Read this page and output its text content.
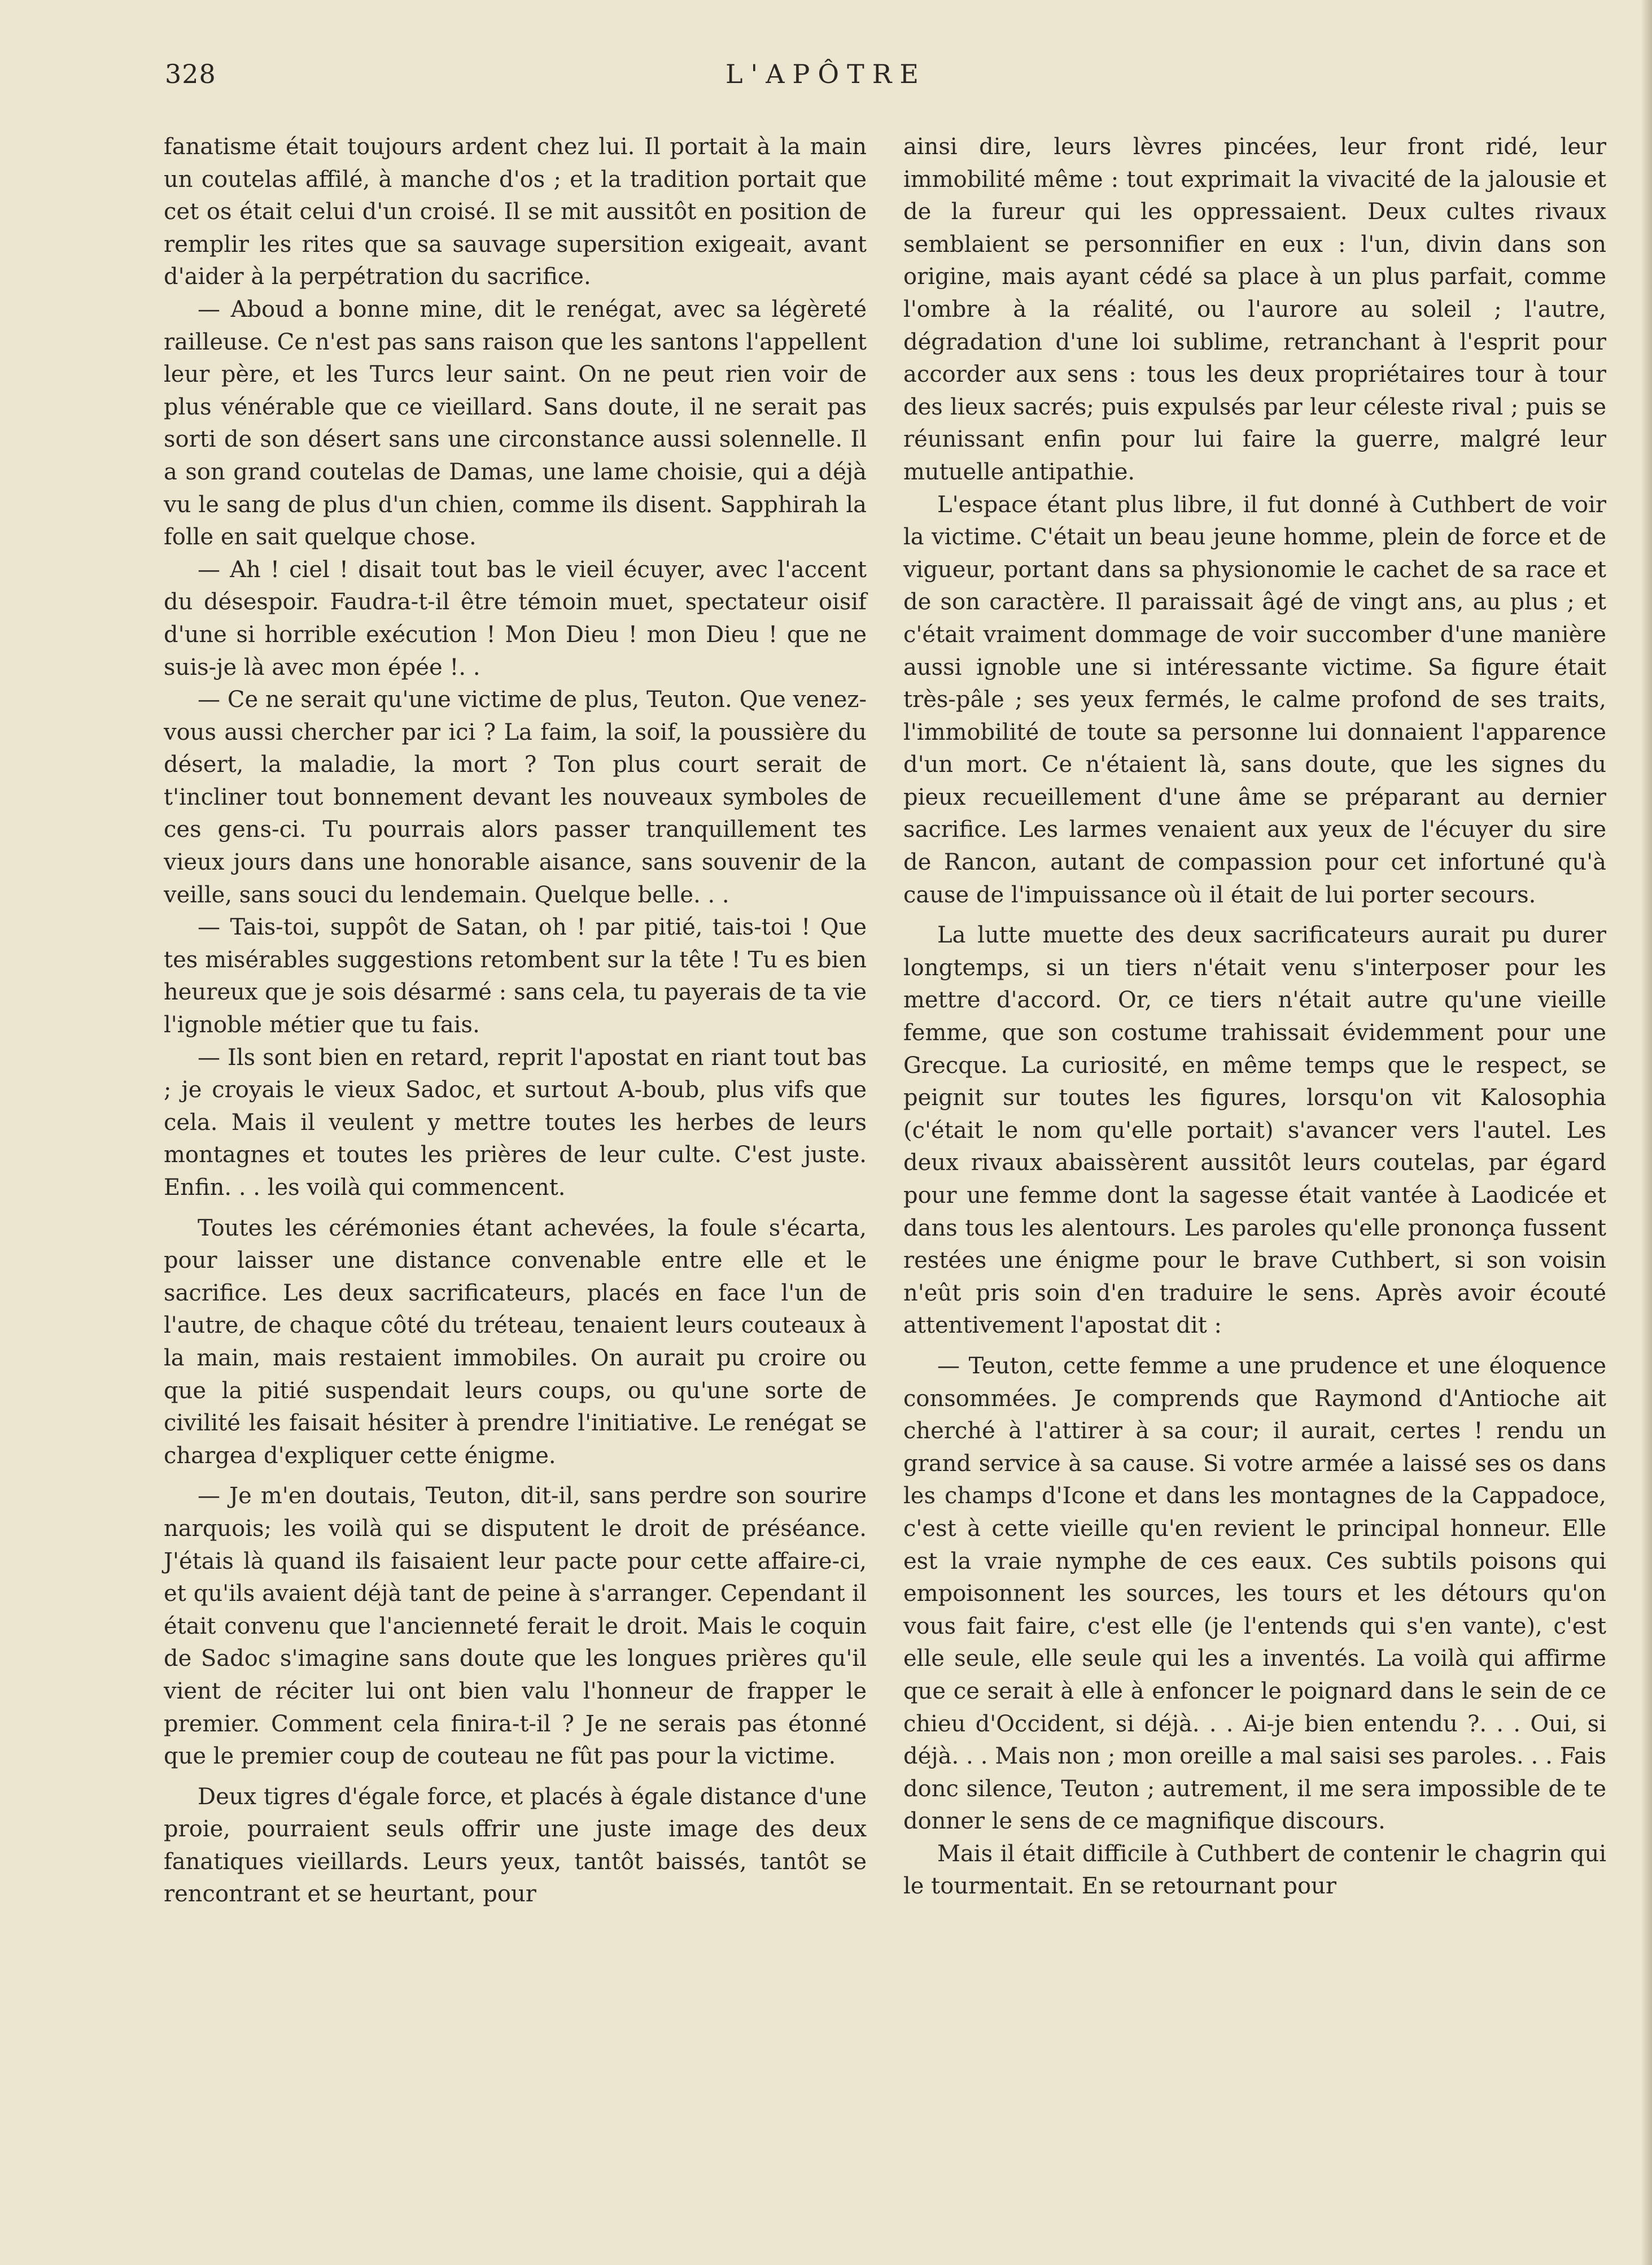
328	L'APÔTRE

fanatisme était toujours ardent chez lui. Il portait à la main un coutelas affilé, à manche d'os ; et la tradition portait que cet os était celui d'un croisé. Il se mit aussitôt en position de remplir les rites que sa sauvage supersition exigeait, avant d'aider à la perpétration du sacrifice.

— Aboud a bonne mine, dit le renégat, avec sa légèreté railleuse. Ce n'est pas sans raison que les santons l'appellent leur père, et les Turcs leur saint. On ne peut rien voir de plus vénérable que ce vieillard. Sans doute, il ne serait pas sorti de son désert sans une circonstance aussi solennelle. Il a son grand coutelas de Damas, une lame choisie, qui a déjà vu le sang de plus d'un chien, comme ils disent. Sapphirah la folle en sait quelque chose.

— Ah ! ciel ! disait tout bas le vieil écuyer, avec l'accent du désespoir. Faudra-t-il être témoin muet, spectateur oisif d'une si horrible exécution ! Mon Dieu ! mon Dieu ! que ne suis-je là avec mon épée !. .

— Ce ne serait qu'une victime de plus, Teuton. Que venez-vous aussi chercher par ici ? La faim, la soif, la poussière du désert, la maladie, la mort ? Ton plus court serait de t'incliner tout bonnement devant les nouveaux symboles de ces gens-ci. Tu pourrais alors passer tranquillement tes vieux jours dans une honorable aisance, sans souvenir de la veille, sans souci du lendemain. Quelque belle. . .

— Tais-toi, suppôt de Satan, oh ! par pitié, tais-toi ! Que tes misérables suggestions retombent sur la tête ! Tu es bien heureux que je sois désarmé : sans cela, tu payerais de ta vie l'ignoble métier que tu fais.

— Ils sont bien en retard, reprit l'apostat en riant tout bas ; je croyais le vieux Sadoc, et surtout A-boub, plus vifs que cela. Mais il veulent y mettre toutes les herbes de leurs montagnes et toutes les prières de leur culte. C'est juste. Enfin. . . les voilà qui commencent.

Toutes les cérémonies étant achevées, la foule s'écarta, pour laisser une distance convenable entre elle et le sacrifice. Les deux sacrificateurs, placés en face l'un de l'autre, de chaque côté du tréteau, tenaient leurs couteaux à la main, mais restaient immobiles. On aurait pu croire ou que la pitié suspendait leurs coups, ou qu'une sorte de civilité les faisait hésiter à prendre l'initiative. Le renégat se chargea d'expliquer cette énigme.

— Je m'en doutais, Teuton, dit-il, sans perdre son sourire narquois; les voilà qui se disputent le droit de préséance. J'étais là quand ils faisaient leur pacte pour cette affaire-ci, et qu'ils avaient déjà tant de peine à s'arranger. Cependant il était convenu que l'ancienneté ferait le droit. Mais le coquin de Sadoc s'imagine sans doute que les longues prières qu'il vient de réciter lui ont bien valu l'honneur de frapper le premier. Comment cela finira-t-il ? Je ne serais pas étonné que le premier coup de couteau ne fût pas pour la victime.

Deux tigres d'égale force, et placés à égale distance d'une proie, pourraient seuls offrir une juste image des deux fanatiques vieillards. Leurs yeux, tantôt baissés, tantôt se rencontrant et se heurtant, pour

ainsi dire, leurs lèvres pincées, leur front ridé, leur immobilité même : tout exprimait la vivacité de la jalousie et de la fureur qui les oppressaient. Deux cultes rivaux semblaient se personnifier en eux : l'un, divin dans son origine, mais ayant cédé sa place à un plus parfait, comme l'ombre à la réalité, ou l'aurore au soleil ; l'autre, dégradation d'une loi sublime, retranchant à l'esprit pour accorder aux sens : tous les deux propriétaires tour à tour des lieux sacrés; puis expulsés par leur céleste rival ; puis se réunissant enfin pour lui faire la guerre, malgré leur mutuelle antipathie.

L'espace étant plus libre, il fut donné à Cuthbert de voir la victime. C'était un beau jeune homme, plein de force et de vigueur, portant dans sa physionomie le cachet de sa race et de son caractère. Il paraissait âgé de vingt ans, au plus ; et c'était vraiment dommage de voir succomber d'une manière aussi ignoble une si intéressante victime. Sa figure était très-pâle ; ses yeux fermés, le calme profond de ses traits, l'immobilité de toute sa personne lui donnaient l'apparence d'un mort. Ce n'étaient là, sans doute, que les signes du pieux recueillement d'une âme se préparant au dernier sacrifice. Les larmes venaient aux yeux de l'écuyer du sire de Rancon, autant de compassion pour cet infortuné qu'à cause de l'impuissance où il était de lui porter secours.

La lutte muette des deux sacrificateurs aurait pu durer longtemps, si un tiers n'était venu s'interposer pour les mettre d'accord. Or, ce tiers n'était autre qu'une vieille femme, que son costume trahissait évidemment pour une Grecque. La curiosité, en même temps que le respect, se peignit sur toutes les figures, lorsqu'on vit Kalosophia (c'était le nom qu'elle portait) s'avancer vers l'autel. Les deux rivaux abaissèrent aussitôt leurs coutelas, par égard pour une femme dont la sagesse était vantée à Laodicée et dans tous les alentours. Les paroles qu'elle prononça fussent restées une énigme pour le brave Cuthbert, si son voisin n'eût pris soin d'en traduire le sens. Après avoir écouté attentivement l'apostat dit :

— Teuton, cette femme a une prudence et une éloquence consommées. Je comprends que Raymond d'Antioche ait cherché à l'attirer à sa cour; il aurait, certes ! rendu un grand service à sa cause. Si votre armée a laissé ses os dans les champs d'Icone et dans les montagnes de la Cappadoce, c'est à cette vieille qu'en revient le principal honneur. Elle est la vraie nymphe de ces eaux. Ces subtils poisons qui empoisonnent les sources, les tours et les détours qu'on vous fait faire, c'est elle (je l'entends qui s'en vante), c'est elle seule, elle seule qui les a inventés. La voilà qui affirme que ce serait à elle à enfoncer le poignard dans le sein de ce chieu d'Occident, si déjà. . . Ai-je bien entendu ?. . . Oui, si déjà. . . Mais non ; mon oreille a mal saisi ses paroles. . . Fais donc silence, Teuton ; autrement, il me sera impossible de te donner le sens de ce magnifique discours.

Mais il était difficile à Cuthbert de contenir le chagrin qui le tourmentait. En se retournant pour
